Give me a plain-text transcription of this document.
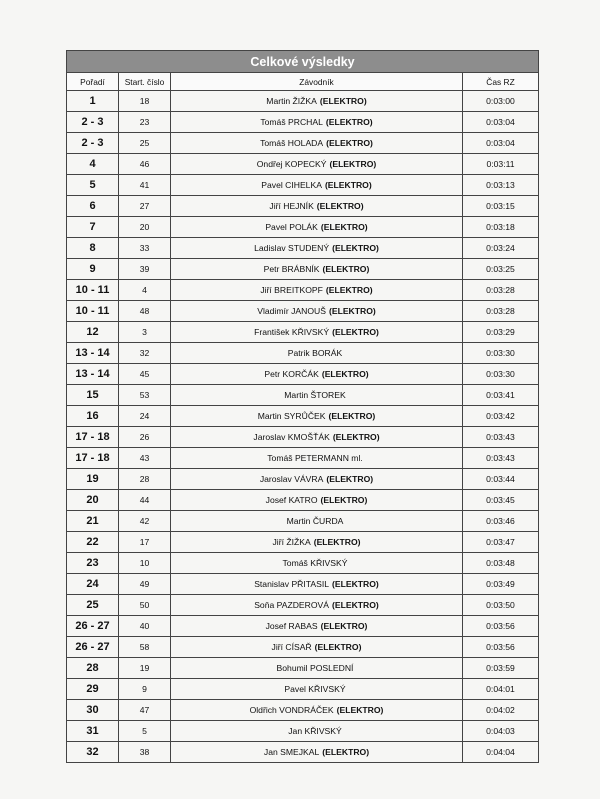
Celkové výsledky			
Pořadí	Start. číslo	Závodník	Čas RZ
1	18	Martin ŽIŽKA (ELEKTRO)	0:03:00
2 - 3	23	Tomáš PRCHAL (ELEKTRO)	0:03:04
2 - 3	25	Tomáš HOLADA (ELEKTRO)	0:03:04
4	46	Ondřej KOPECKÝ (ELEKTRO)	0:03:11
5	41	Pavel CIHELKA (ELEKTRO)	0:03:13
6	27	Jiří HEJNÍK (ELEKTRO)	0:03:15
7	20	Pavel POLÁK (ELEKTRO)	0:03:18
8	33	Ladislav STUDENÝ (ELEKTRO)	0:03:24
9	39	Petr BRÁBNÍK (ELEKTRO)	0:03:25
10 - 11	4	Jiří BREITKOPF (ELEKTRO)	0:03:28
10 - 11	48	Vladimír JANOUŠ (ELEKTRO)	0:03:28
12	3	František KŘIVSKÝ (ELEKTRO)	0:03:29
13 - 14	32	Patrik BORÁK	0:03:30
13 - 14	45	Petr KORČÁK (ELEKTRO)	0:03:30
15	53	Martin ŠTOREK	0:03:41
16	24	Martin SYRŮČEK (ELEKTRO)	0:03:42
17 - 18	26	Jaroslav KMOŠŤÁK (ELEKTRO)	0:03:43
17 - 18	43	Tomáš PETERMANN ml.	0:03:43
19	28	Jaroslav VÁVRA (ELEKTRO)	0:03:44
20	44	Josef KATRO (ELEKTRO)	0:03:45
21	42	Martin ČURDA	0:03:46
22	17	Jiří ŽIŽKA (ELEKTRO)	0:03:47
23	10	Tomáš KŘIVSKÝ	0:03:48
24	49	Stanislav PŘITASIL (ELEKTRO)	0:03:49
25	50	Soňa PAZDEROVÁ (ELEKTRO)	0:03:50
26 - 27	40	Josef RABAS (ELEKTRO)	0:03:56
26 - 27	58	Jiří CÍSAŘ (ELEKTRO)	0:03:56
28	19	Bohumil POSLEDNÍ	0:03:59
29	9	Pavel KŘIVSKÝ	0:04:01
30	47	Oldřich VONDRÁČEK (ELEKTRO)	0:04:02
31	5	Jan KŘIVSKÝ	0:04:03
32	38	Jan SMEJKAL (ELEKTRO)	0:04:04
